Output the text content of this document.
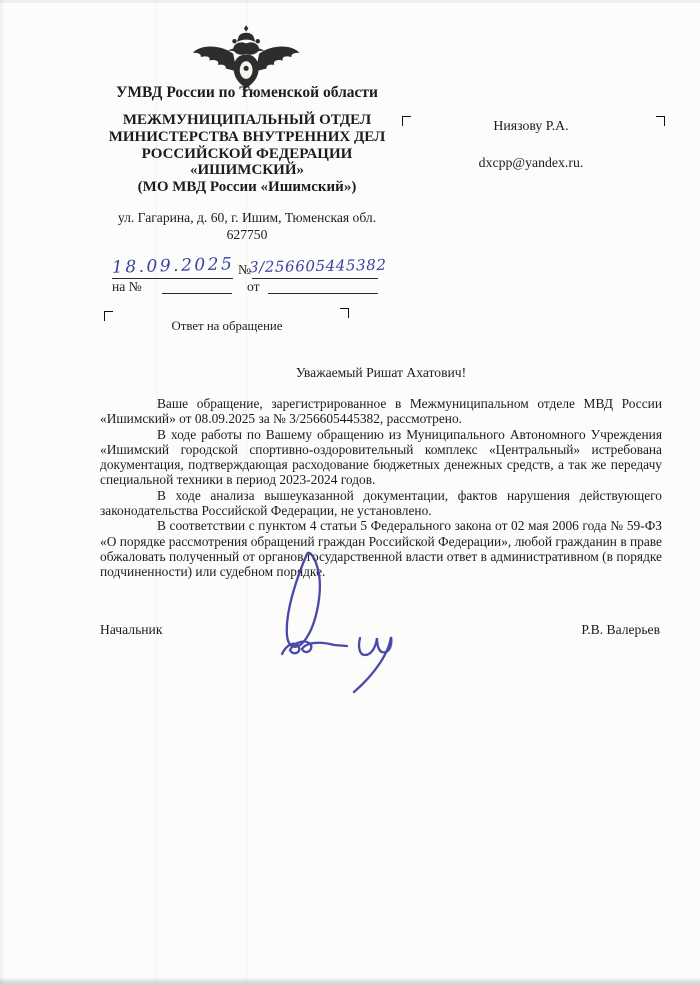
УМВД России по Тюменской области
МЕЖМУНИЦИПАЛЬНЫЙ ОТДЕЛ
МИНИСТЕРСТВА ВНУТРЕННИХ ДЕЛ
РОССИЙСКОЙ ФЕДЕРАЦИИ
«ИШИМСКИЙ»
(МО МВД России «Ишимский»)
ул. Гагарина, д. 60, г. Ишим, Тюменская обл.
627750
Ниязову Р.А.
dxcpp@yandex.ru.
18.09.2025 №
3/256605445382
на №	от
Ответ на обращение
Уважаемый Ришат Ахатович!

Ваше обращение, зарегистрированное в Межмуниципальном отделе МВД России «Ишимский» от 08.09.2025 за № 3/256605445382, рассмотрено.

В ходе работы по Вашему обращению из Муниципального Автономного Учреждения «Ишимский городской спортивно-оздоровительный комплекс «Центральный» истребована документация, подтверждающая расходование бюджетных денежных средств, а так же передачу специальной техники в период 2023-2024 годов.

В ходе анализа вышеуказанной документации, фактов нарушения действующего законодательства Российской Федерации, не установлено.

В соответствии с пунктом 4 статьи 5 Федерального закона от 02 мая 2006 года № 59-ФЗ «О порядке рассмотрения обращений граждан Российской Федерации», любой гражданин в праве обжаловать полученный от органов государственной власти ответ в административном (в порядке подчиненности) или судебном порядке.

Начальник	Р.В. Валерьев
